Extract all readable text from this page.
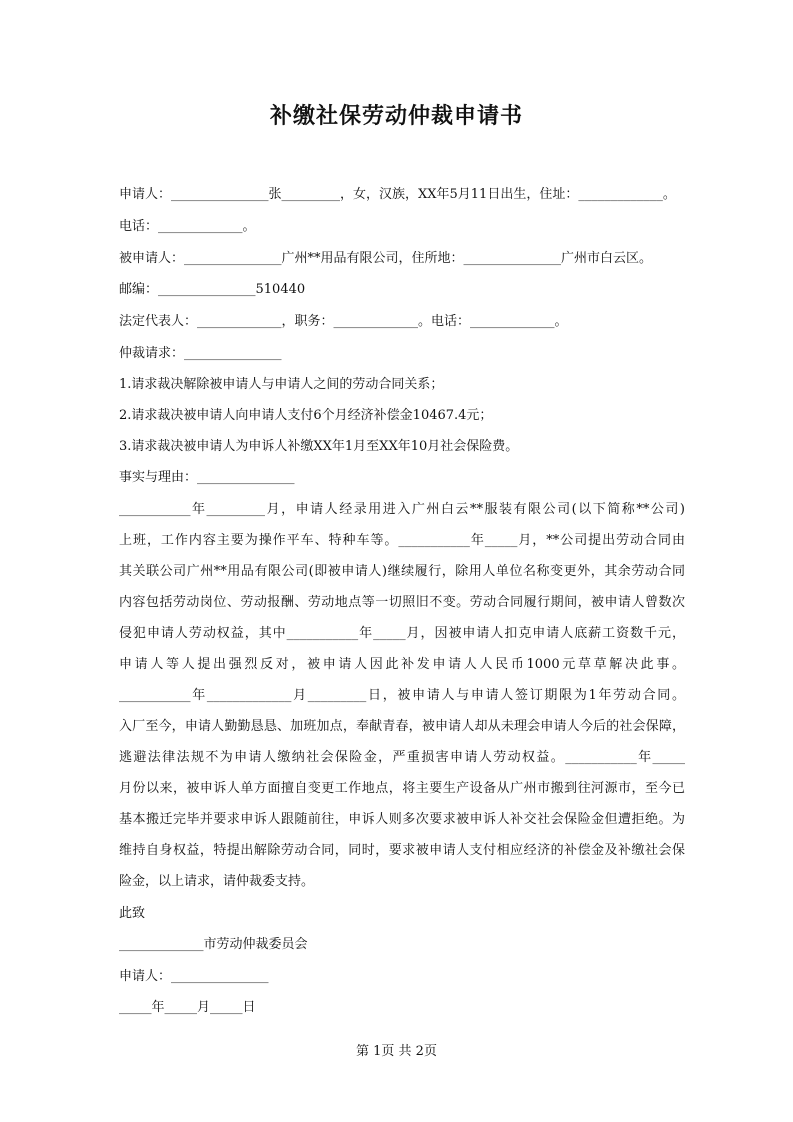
补缴社保劳动仲裁申请书
申请人：_______________张_________，女，汉族，XX年5月11日出生，住址：_____________。
电话：_____________。
被申请人：_______________广州**用品有限公司，住所地：_______________广州市白云区。
邮编：_______________510440
法定代表人：_____________，职务：_____________。电话：_____________。
仲裁请求：_______________
1.请求裁决解除被申请人与申请人之间的劳动合同关系；
2.请求裁决被申请人向申请人支付6个月经济补偿金10467.4元；
3.请求裁决被申请人为申诉人补缴XX年1月至XX年10月社会保险费。
事实与理由：_______________
___________年_________月，申请人经录用进入广州白云**服装有限公司(以下简称**公司)
上班，工作内容主要为操作平车、特种车等。___________年_____月，**公司提出劳动合同由
其关联公司广州**用品有限公司(即被申请人)继续履行，除用人单位名称变更外，其余劳动合同
内容包括劳动岗位、劳动报酬、劳动地点等一切照旧不变。劳动合同履行期间，被申请人曾数次
侵犯申请人劳动权益，其中___________年_____月，因被申请人扣克申请人底薪工资数千元，
申请人等人提出强烈反对，被申请人因此补发申请人人民币1000元草草解决此事。
___________年_____________月_________日，被申请人与申请人签订期限为1年劳动合同。
入厂至今，申请人勤勤恳恳、加班加点，奉献青春，被申请人却从未理会申请人今后的社会保障，
逃避法律法规不为申请人缴纳社会保险金，严重损害申请人劳动权益。___________年_____
月份以来，被申诉人单方面擅自变更工作地点，将主要生产设备从广州市搬到往河源市，至今已
基本搬迁完毕并要求申诉人跟随前往，申诉人则多次要求被申诉人补交社会保险金但遭拒绝。为
维持自身权益，特提出解除劳动合同，同时，要求被申请人支付相应经济的补偿金及补缴社会保
险金，以上请求，请仲裁委支持。
此致
_____________市劳动仲裁委员会
申请人：_______________
_____年_____月_____日
第 1页 共 2页
